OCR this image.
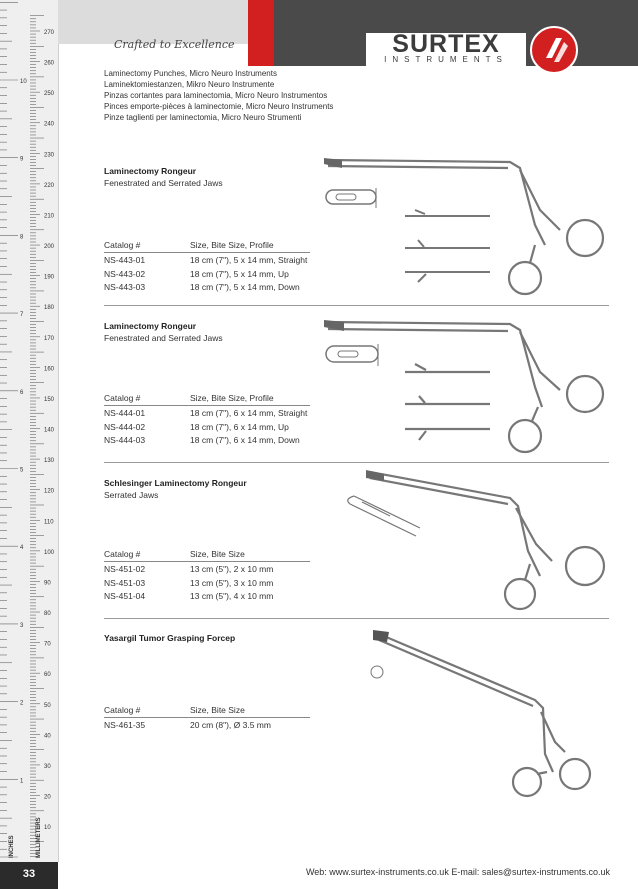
270
260
250
240
230
220
210
200
190
180
170
160
150
140
130
120
110
100
90
80
70
60
50
40
30
20
10
10
9
8
7
6
5
4
3
2
1
INCHES	MILLIMETERS
33
Crafted to Excellence	SURTEX
INSTRUMENTS
Laminectomy Punches, Micro Neuro Instruments
Laminektomiestanzen, Mikro Neuro Instrumente
Pinzas cortantes para laminectomia, Micro Neuro Instrumentos
Pinces emporte-pièces à laminectomie, Micro Neuro Instruments
Pinze taglienti per laminectomia, Micro Neuro Strumenti
Laminectomy Rongeur
Fenestrated and Serrated Jaws
Catalog #	Size, Bite Size, Profile
NS-443-01	18 cm (7"), 5 x 14 mm, Straight
NS-443-02	18 cm (7"), 5 x 14 mm, Up
NS-443-03	18 cm (7"), 5 x 14 mm, Down
Laminectomy Rongeur
Fenestrated and Serrated Jaws
Catalog #	Size, Bite Size, Profile
NS-444-01	18 cm (7"), 6 x 14 mm, Straight
NS-444-02	18 cm (7"), 6 x 14 mm, Up
NS-444-03	18 cm (7"), 6 x 14 mm, Down
Schlesinger Laminectomy Rongeur
Serrated Jaws
Catalog #	Size, Bite Size
NS-451-02	13 cm (5"), 2 x 10 mm
NS-451-03	13 cm (5"), 3 x 10 mm
NS-451-04	13 cm (5"), 4 x 10 mm
Yasargil Tumor Grasping Forcep
Catalog #	Size, Bite Size
NS-461-35	20 cm (8"), Ø 3.5 mm
Web: www.surtex-instruments.co.uk E-mail: sales@surtex-instruments.co.uk
